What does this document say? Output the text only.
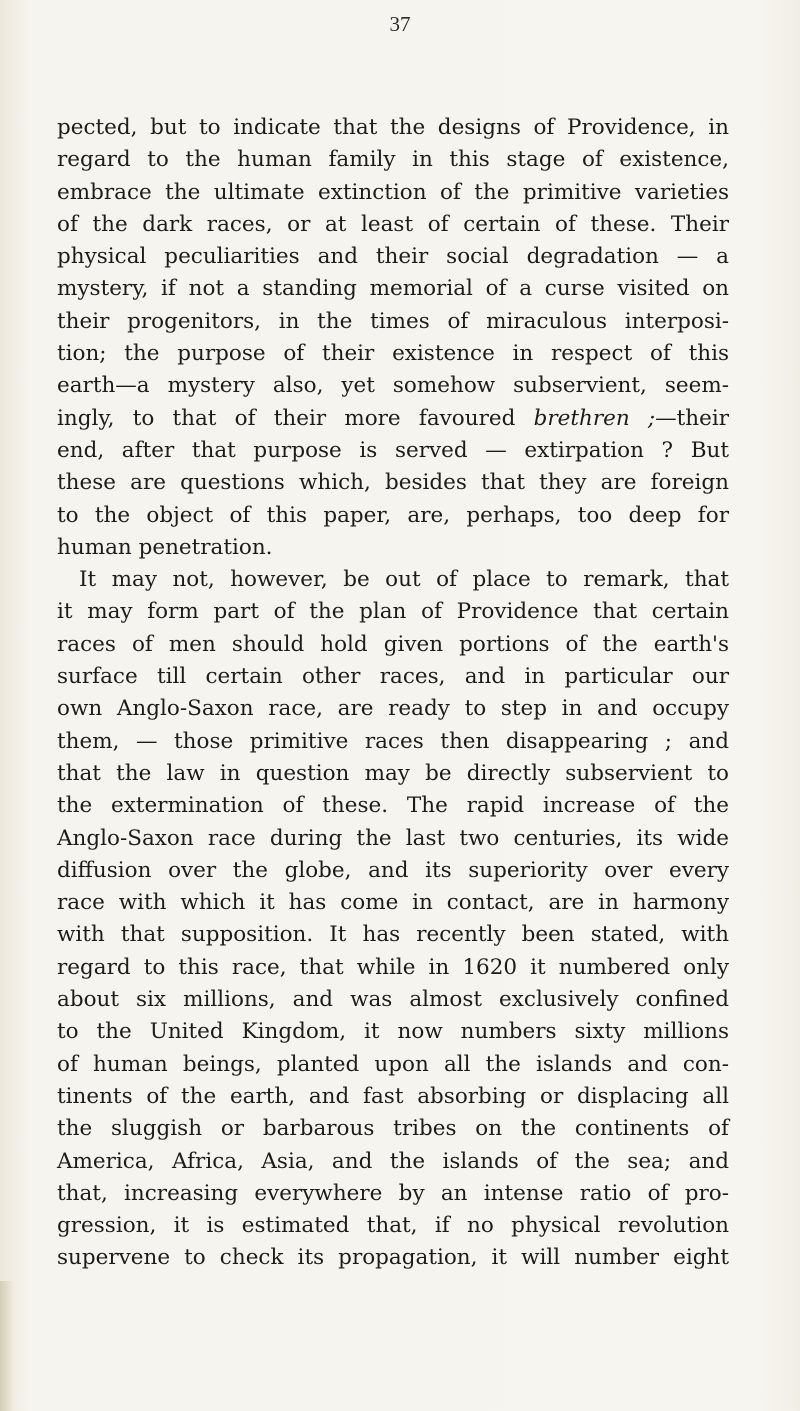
37
pected, but to indicate that the designs of Providence, in
regard to the human family in this stage of existence,
embrace the ultimate extinction of the primitive varieties
of the dark races, or at least of certain of these. Their
physical peculiarities and their social degradation — a
mystery, if not a standing memorial of a curse visited on
their progenitors, in the times of miraculous interposi-
tion; the purpose of their existence in respect of this
earth—a mystery also, yet somehow subservient, seem-
ingly, to that of their more favoured brethren ;—their
end, after that purpose is served — extirpation ? But
these are questions which, besides that they are foreign
to the object of this paper, are, perhaps, too deep for
human penetration.
It may not, however, be out of place to remark, that
it may form part of the plan of Providence that certain
races of men should hold given portions of the earth's
surface till certain other races, and in particular our
own Anglo-Saxon race, are ready to step in and occupy
them, — those primitive races then disappearing ; and
that the law in question may be directly subservient to
the extermination of these. The rapid increase of the
Anglo-Saxon race during the last two centuries, its wide
diffusion over the globe, and its superiority over every
race with which it has come in contact, are in harmony
with that supposition. It has recently been stated, with
regard to this race, that while in 1620 it numbered only
about six millions, and was almost exclusively confined
to the United Kingdom, it now numbers sixty millions
of human beings, planted upon all the islands and con-
tinents of the earth, and fast absorbing or displacing all
the sluggish or barbarous tribes on the continents of
America, Africa, Asia, and the islands of the sea; and
that, increasing everywhere by an intense ratio of pro-
gression, it is estimated that, if no physical revolution
supervene to check its propagation, it will number eight
